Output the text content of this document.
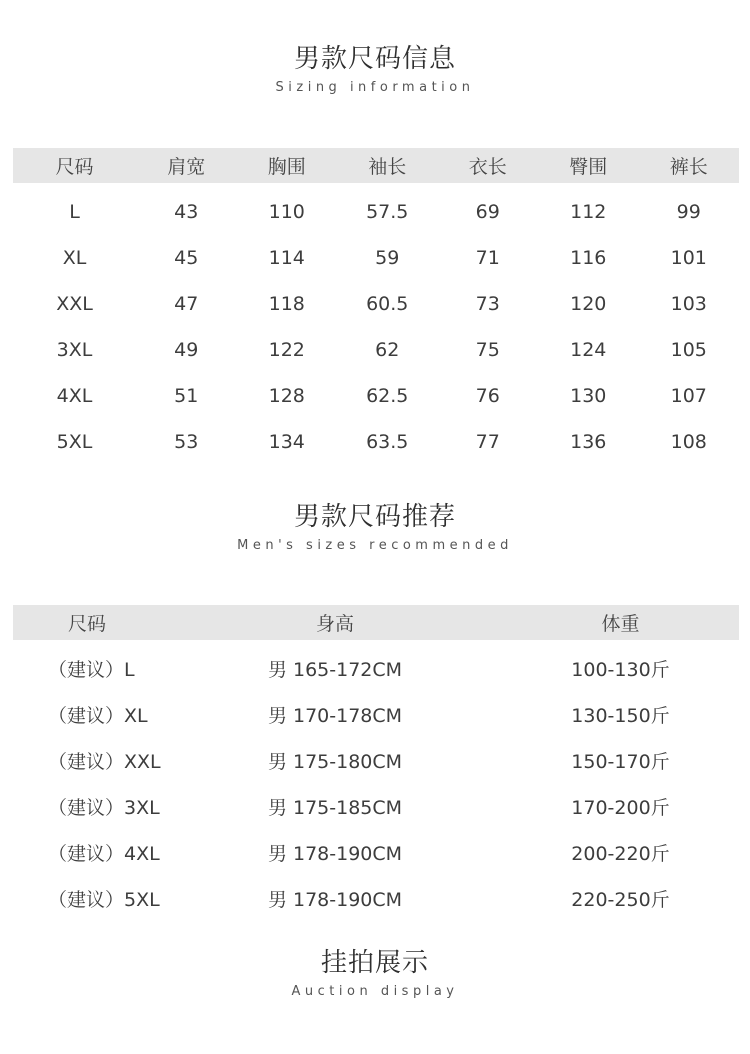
男款尺码信息
Sizing information
尺码	肩宽	胸围	袖长	衣长	臀围	裤长
L	43	110	57.5	69	112	99
XL	45	114	59	71	116	101
XXL	47	118	60.5	73	120	103
3XL	49	122	62	75	124	105
4XL	51	128	62.5	76	130	107
5XL	53	134	63.5	77	136	108
男款尺码推荐
Men's sizes recommended
尺码	身高	体重
（建议）L	男 165-172CM	100-130斤
（建议）XL	男 170-178CM	130-150斤
（建议）XXL	男 175-180CM	150-170斤
（建议）3XL	男 175-185CM	170-200斤
（建议）4XL	男 178-190CM	200-220斤
（建议）5XL	男 178-190CM	220-250斤
挂拍展示
Auction display
